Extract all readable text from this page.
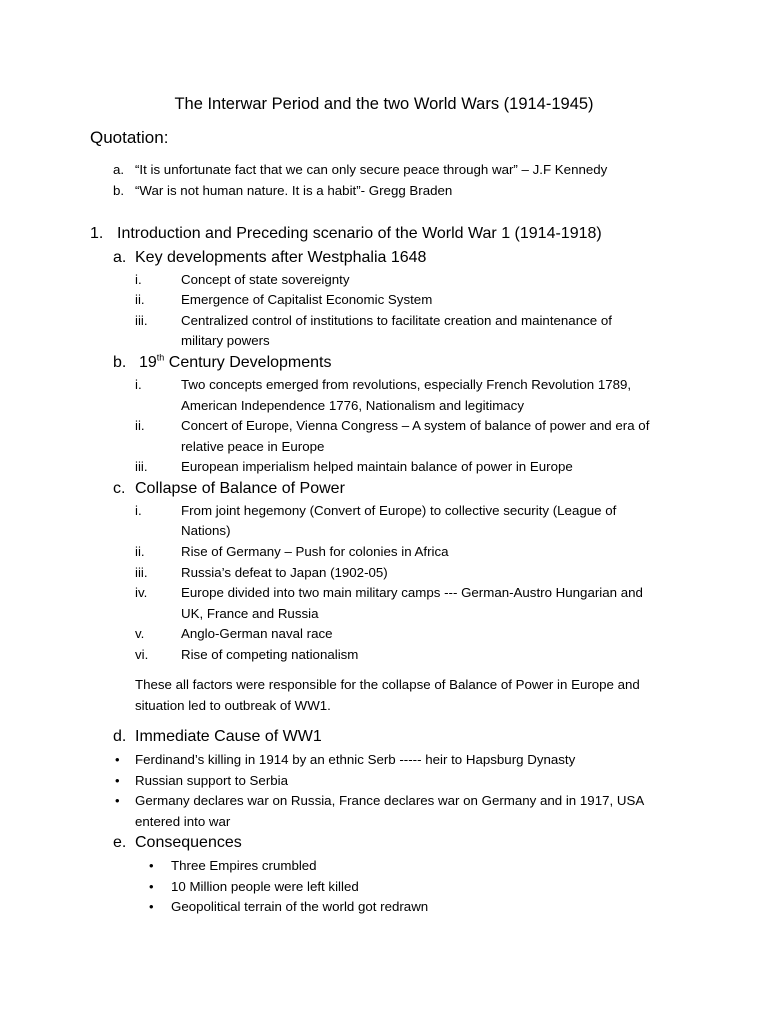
The Interwar Period and the two World Wars (1914-1945)
Quotation:
a. “It is unfortunate fact that we can only secure peace through war” – J.F Kennedy
b. “War is not human nature. It is a habit”- Gregg Braden
1. Introduction and Preceding scenario of the World War 1 (1914-1918)
a. Key developments after Westphalia 1648
i.	Concept of state sovereignty
ii.	Emergence of Capitalist Economic System
iii.	Centralized control of institutions to facilitate creation and maintenance of
military powers
b. 19th Century Developments
i.	Two concepts emerged from revolutions, especially French Revolution 1789,
American Independence 1776, Nationalism and legitimacy
ii.	Concert of Europe, Vienna Congress – A system of balance of power and era of
relative peace in Europe
iii.	European imperialism helped maintain balance of power in Europe
c. Collapse of Balance of Power
i.	From joint hegemony (Convert of Europe) to collective security (League of
Nations)
ii.	Rise of Germany – Push for colonies in Africa
iii.	Russia’s defeat to Japan (1902-05)
iv.	Europe divided into two main military camps --- German-Austro Hungarian and
UK, France and Russia
v.	Anglo-German naval race
vi. Rise of competing nationalism
These all factors were responsible for the collapse of Balance of Power in Europe and
situation led to outbreak of WW1.
d. Immediate Cause of WW1
• Ferdinand’s killing in 1914 by an ethnic Serb ----- heir to Hapsburg Dynasty
• Russian support to Serbia
• Germany declares war on Russia, France declares war on Germany and in 1917, USA
entered into war
e. Consequences
• Three Empires crumbled
• 10 Million people were left killed
• Geopolitical terrain of the world got redrawn
